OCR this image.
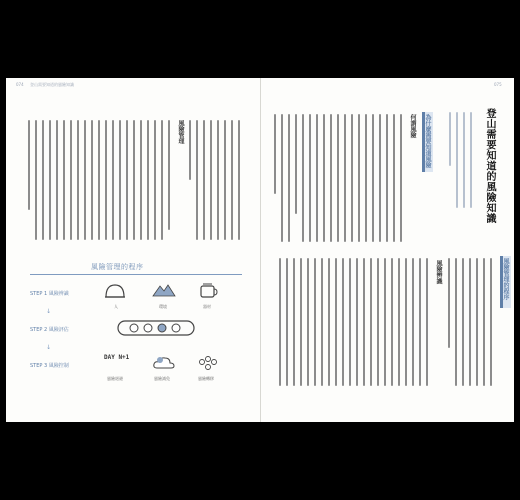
074 登山需要知道的風險知識
風險管理
風險管理的程序
STEP 1 風險辨識
↓
STEP 2 風險評估
↓
STEP 3 風險控制
人	環境	器材
DAY N+1
風險迴避	風險減免	風險轉移
075
登山需要知道的風險知識
為什麼需要知道風險
何謂風險
風險管理的程序
風險辨識
